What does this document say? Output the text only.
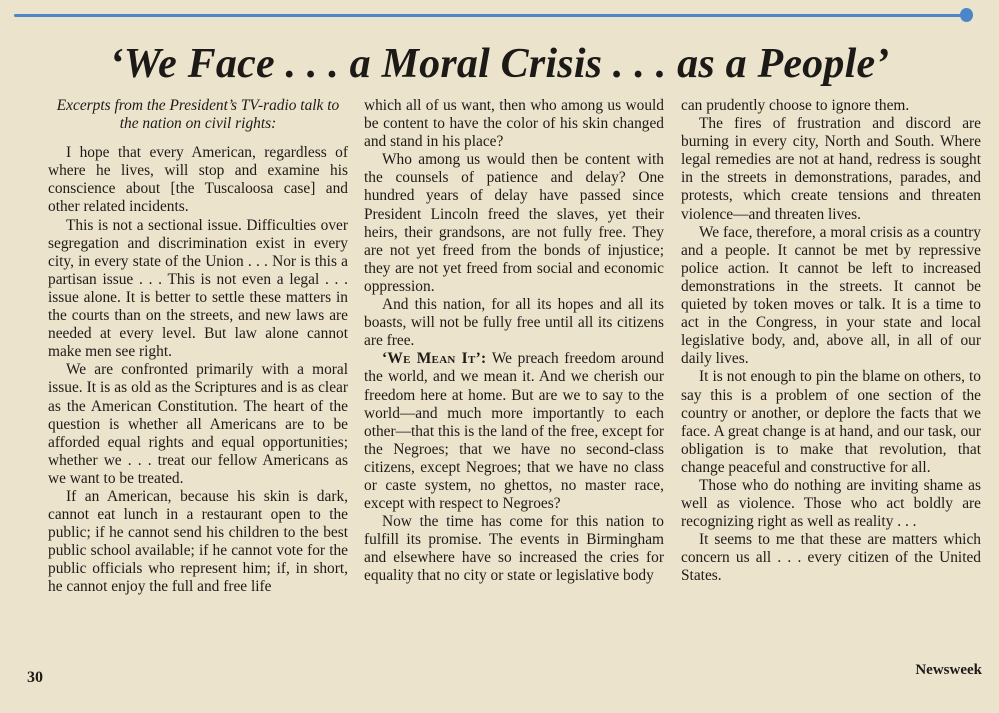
‘We Face . . . a Moral Crisis . . . as a People’

Excerpts from the President’s TV-radio talk to the nation on civil rights:

I hope that every American, regardless of where he lives, will stop and examine his conscience about [the Tuscaloosa case] and other related incidents.

This is not a sectional issue. Difficulties over segregation and discrimination exist in every city, in every state of the Union . . . Nor is this a partisan issue . . . This is not even a legal . . . issue alone. It is better to settle these matters in the courts than on the streets, and new laws are needed at every level. But law alone cannot make men see right.

We are confronted primarily with a moral issue. It is as old as the Scriptures and is as clear as the American Constitution. The heart of the question is whether all Americans are to be afforded equal rights and equal opportunities; whether we . . . treat our fellow Americans as we want to be treated.

If an American, because his skin is dark, cannot eat lunch in a restaurant open to the public; if he cannot send his children to the best public school available; if he cannot vote for the public officials who represent him; if, in short, he cannot enjoy the full and free life

which all of us want, then who among us would be content to have the color of his skin changed and stand in his place?

Who among us would then be content with the counsels of patience and delay? One hundred years of delay have passed since President Lincoln freed the slaves, yet their heirs, their grandsons, are not fully free. They are not yet freed from the bonds of injustice; they are not yet freed from social and economic oppression.

And this nation, for all its hopes and all its boasts, will not be fully free until all its citizens are free.

‘We Mean It’: We preach freedom around the world, and we mean it. And we cherish our freedom here at home. But are we to say to the world—and much more importantly to each other—that this is the land of the free, except for the Negroes; that we have no second-class citizens, except Negroes; that we have no class or caste system, no ghettos, no master race, except with respect to Negroes?

Now the time has come for this nation to fulfill its promise. The events in Birmingham and elsewhere have so increased the cries for equality that no city or state or legislative body

can prudently choose to ignore them.

The fires of frustration and discord are burning in every city, North and South. Where legal remedies are not at hand, redress is sought in the streets in demonstrations, parades, and protests, which create tensions and threaten violence—and threaten lives.

We face, therefore, a moral crisis as a country and a people. It cannot be met by repressive police action. It cannot be left to increased demonstrations in the streets. It cannot be quieted by token moves or talk. It is a time to act in the Congress, in your state and local legislative body, and, above all, in all of our daily lives.

It is not enough to pin the blame on others, to say this is a problem of one section of the country or another, or deplore the facts that we face. A great change is at hand, and our task, our obligation is to make that revolution, that change peaceful and constructive for all.

Those who do nothing are inviting shame as well as violence. Those who act boldly are recognizing right as well as reality . . .

It seems to me that these are matters which concern us all . . . every citizen of the United States.

30	Newsweek
